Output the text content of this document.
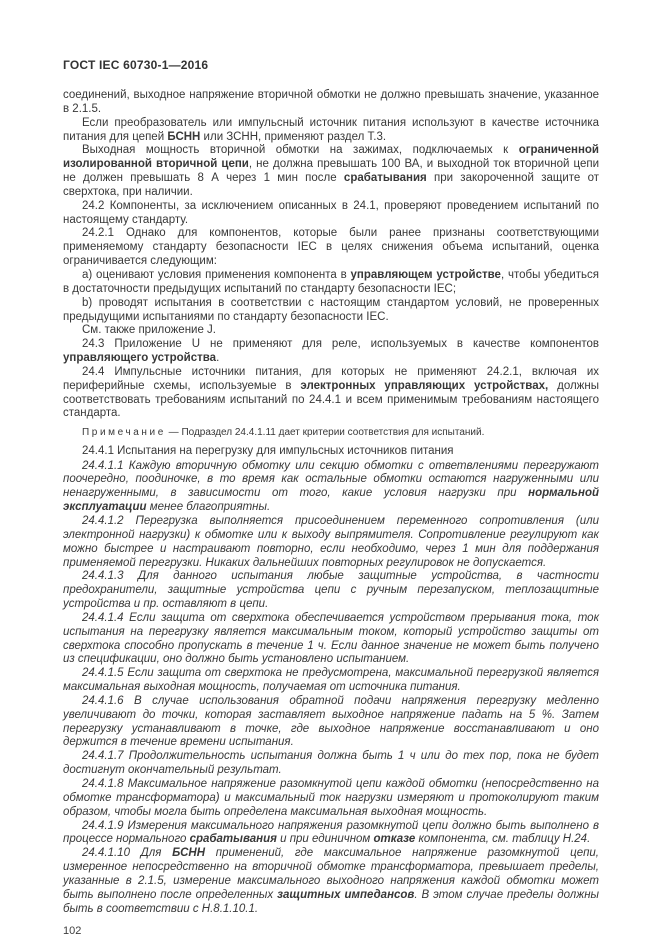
ГОСТ IEC 60730-1—2016

соединений, выходное напряжение вторичной обмотки не должно превышать значение, указанное в 2.1.5.

Если преобразователь или импульсный источник питания используют в качестве источника питания для цепей БСНН или ЗСНН, применяют раздел Т.3.

Выходная мощность вторичной обмотки на зажимах, подключаемых к ограниченной изолированной вторичной цепи, не должна превышать 100 ВА, и выходной ток вторичной цепи не должен превышать 8 А через 1 мин после срабатывания при закороченной защите от сверхтока, при наличии.

24.2 Компоненты, за исключением описанных в 24.1, проверяют проведением испытаний по настоящему стандарту.

24.2.1 Однако для компонентов, которые были ранее признаны соответствующими применяемому стандарту безопасности IEC в целях снижения объема испытаний, оценка ограничивается следующим:

a) оценивают условия применения компонента в управляющем устройстве, чтобы убедиться в достаточности предыдущих испытаний по стандарту безопасности IEC;

b) проводят испытания в соответствии с настоящим стандартом условий, не проверенных предыдущими испытаниями по стандарту безопасности IEC.

См. также приложение J.

24.3 Приложение U не применяют для реле, используемых в качестве компонентов управляющего устройства.

24.4 Импульсные источники питания, для которых не применяют 24.2.1, включая их периферийные схемы, используемые в электронных управляющих устройствах, должны соответствовать требованиям испытаний по 24.4.1 и всем применимым требованиям настоящего стандарта.

Примечание — Подраздел 24.4.1.11 дает критерии соответствия для испытаний.

24.4.1 Испытания на перегрузку для импульсных источников питания

24.4.1.1 Каждую вторичную обмотку или секцию обмотки с ответвлениями перегружают поочередно, поодиночке, в то время как остальные обмотки остаются нагруженными или ненагруженными, в зависимости от того, какие условия нагрузки при нормальной эксплуатации менее благоприятны.

24.4.1.2 Перегрузка выполняется присоединением переменного сопротивления (или электронной нагрузки) к обмотке или к выходу выпрямителя. Сопротивление регулируют как можно быстрее и настраивают повторно, если необходимо, через 1 мин для поддержания применяемой перегрузки. Никаких дальнейших повторных регулировок не допускается.

24.4.1.3 Для данного испытания любые защитные устройства, в частности предохранители, защитные устройства цепи с ручным перезапуском, теплозащитные устройства и пр. оставляют в цепи.

24.4.1.4 Если защита от сверхтока обеспечивается устройством прерывания тока, ток испытания на перегрузку является максимальным током, который устройство защиты от сверхтока способно пропускать в течение 1 ч. Если данное значение не может быть получено из спецификации, оно должно быть установлено испытанием.

24.4.1.5 Если защита от сверхтока не предусмотрена, максимальной перегрузкой является максимальная выходная мощность, получаемая от источника питания.

24.4.1.6 В случае использования обратной подачи напряжения перегрузку медленно увеличивают до точки, которая заставляет выходное напряжение падать на 5 %. Затем перегрузку устанавливают в точке, где выходное напряжение восстанавливают и оно держится в течение времени испытания.

24.4.1.7 Продолжительность испытания должна быть 1 ч или до тех пор, пока не будет достигнут окончательный результат.

24.4.1.8 Максимальное напряжение разомкнутой цепи каждой обмотки (непосредственно на обмотке трансформатора) и максимальный ток нагрузки измеряют и протоколируют таким образом, чтобы могла быть определена максимальная выходная мощность.

24.4.1.9 Измерения максимального напряжения разомкнутой цепи должно быть выполнено в процессе нормального срабатывания и при единичном отказе компонента, см. таблицу Н.24.

24.4.1.10 Для БСНН применений, где максимальное напряжение разомкнутой цепи, измеренное непосредственно на вторичной обмотке трансформатора, превышает пределы, указанные в 2.1.5, измерение максимального выходного напряжения каждой обмотки может быть выполнено после определенных защитных импедансов. В этом случае пределы должны быть в соответствии с Н.8.1.10.1.

102
